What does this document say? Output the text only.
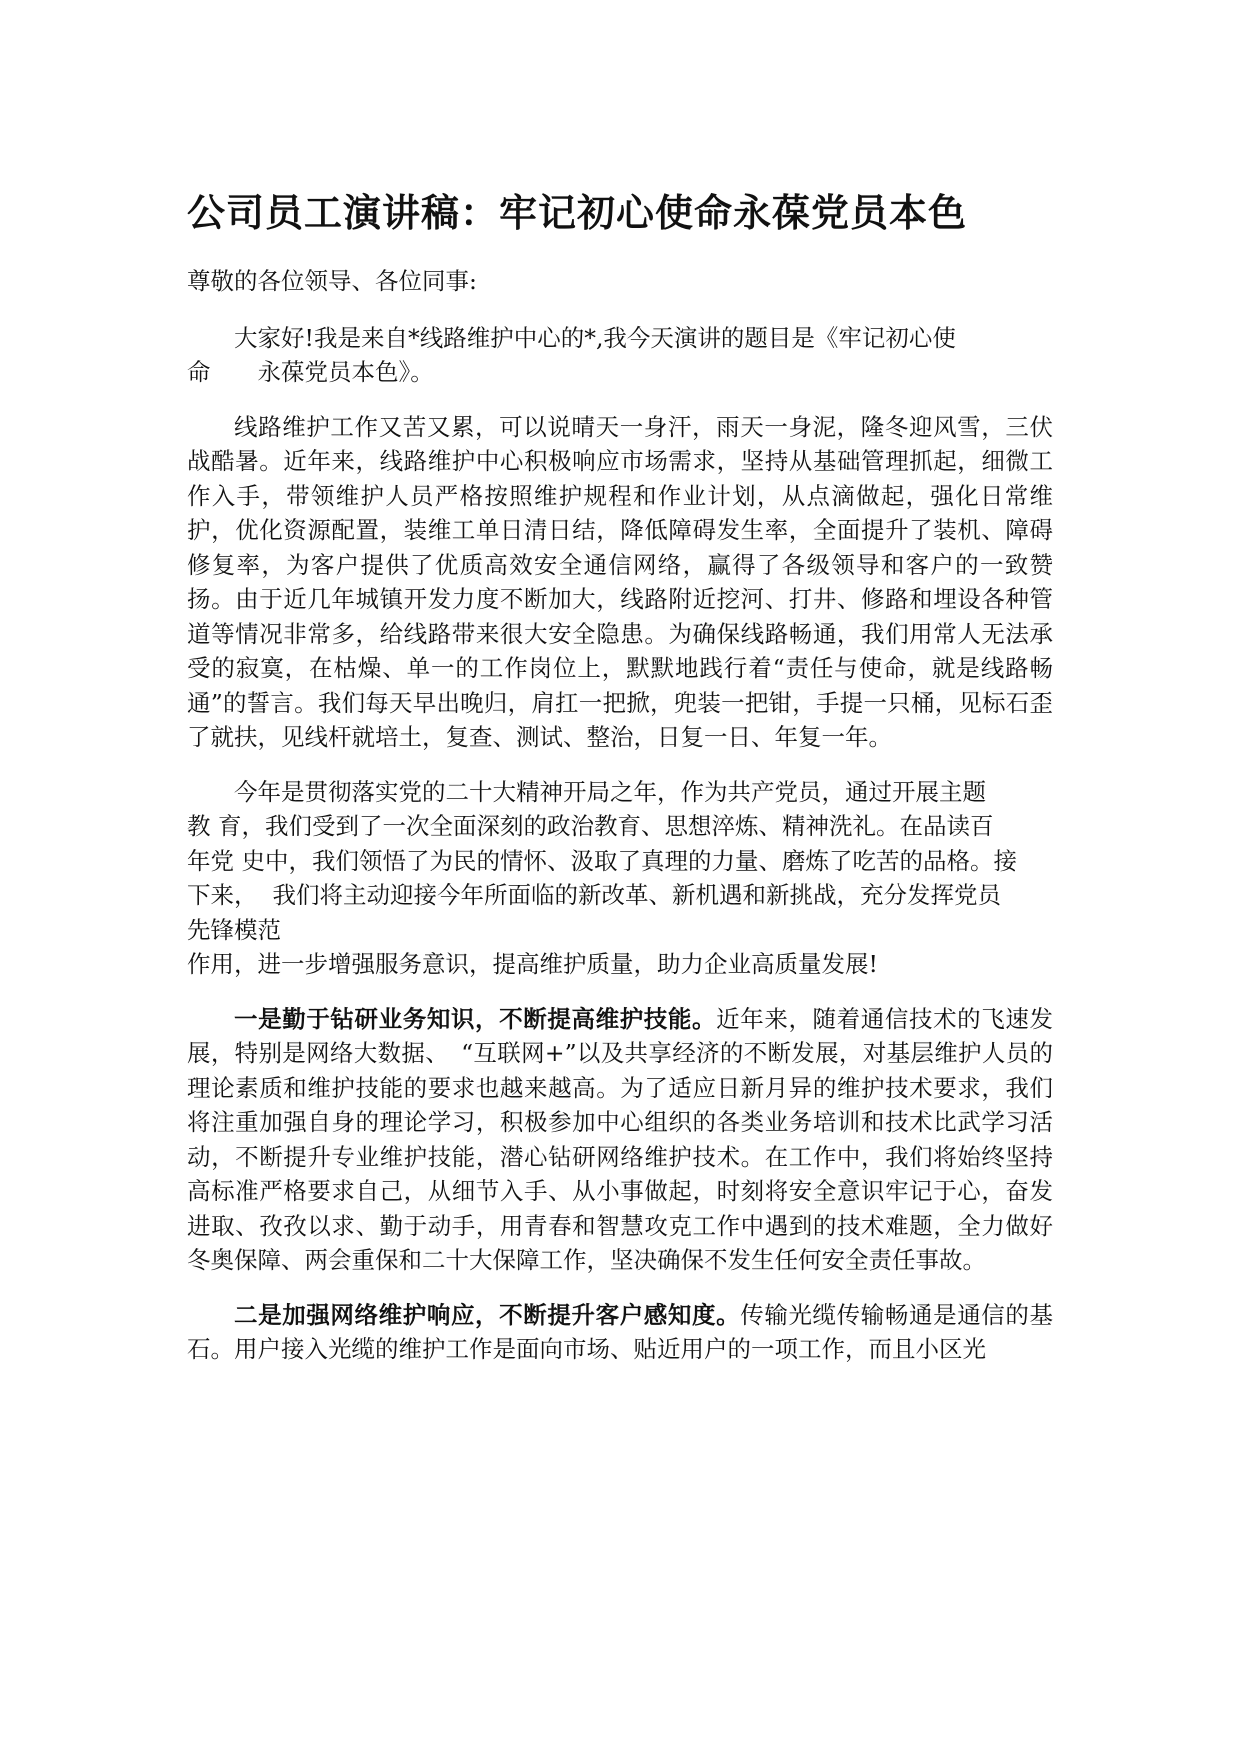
公司员工演讲稿：牢记初心使命永葆党员本色

尊敬的各位领导、各位同事:

大家好!我是来自*线路维护中心的*,我今天演讲的题目是《牢记初心使
命　　永葆党员本色》。

线路维护工作又苦又累，可以说晴天一身汗，雨天一身泥，隆冬迎风雪，三伏战酷暑。近年来，线路维护中心积极响应市场需求，坚持从基础管理抓起，细微工作入手，带领维护人员严格按照维护规程和作业计划，从点滴做起，强化日常维护，优化资源配置，装维工单日清日结，降低障碍发生率，全面提升了装机、障碍修复率，为客户提供了优质高效安全通信网络，赢得了各级领导和客户的一致赞扬。由于近几年城镇开发力度不断加大，线路附近挖河、打井、修路和埋设各种管道等情况非常多，给线路带来很大安全隐患。为确保线路畅通，我们用常人无法承受的寂寞，在枯燥、单一的工作岗位上，默默地践行着“责任与使命，就是线路畅通”的誓言。我们每天早出晚归，肩扛一把掀，兜装一把钳，手提一只桶，见标石歪了就扶，见线杆就培土，复查、测试、整治，日复一日、年复一年。

今年是贯彻落实党的二十大精神开局之年，作为共产党员，通过开展主题
教 育，我们受到了一次全面深刻的政治教育、思想淬炼、精神洗礼。在品读百
年党 史中，我们领悟了为民的情怀、汲取了真理的力量、磨炼了吃苦的品格。接
下来，  我们将主动迎接今年所面临的新改革、新机遇和新挑战，充分发挥党员
先锋模范
作用，进一步增强服务意识，提高维护质量，助力企业高质量发展!

一是勤于钻研业务知识，不断提高维护技能。近年来，随着通信技术的飞速发展，特别是网络大数据、　“互联网+”以及共享经济的不断发展，对基层维护人员的理论素质和维护技能的要求也越来越高。为了适应日新月异的维护技术要求，我们将注重加强自身的理论学习，积极参加中心组织的各类业务培训和技术比武学习活动，不断提升专业维护技能，潜心钻研网络维护技术。在工作中，我们将始终坚持高标准严格要求自己，从细节入手、从小事做起，时刻将安全意识牢记于心，奋发进取、孜孜以求、勤于动手，用青春和智慧攻克工作中遇到的技术难题，全力做好冬奥保障、两会重保和二十大保障工作，坚决确保不发生任何安全责任事故。

二是加强网络维护响应，不断提升客户感知度。传输光缆传输畅通是通信的基石。用户接入光缆的维护工作是面向市场、贴近用户的一项工作，而且小区光
